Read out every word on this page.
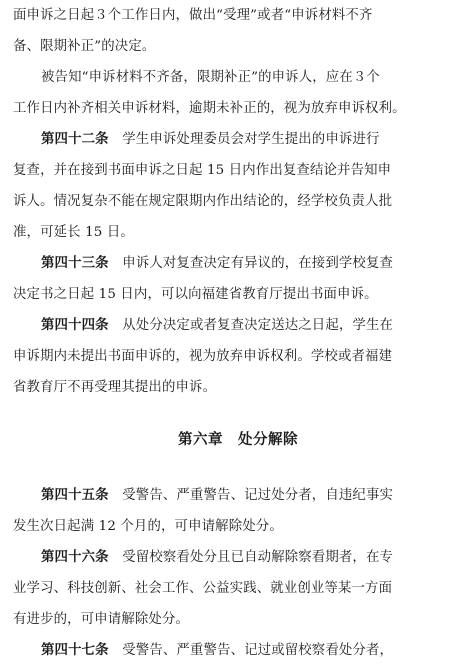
面申诉之日起３个工作日内，做出“受理”或者“申诉材料不齐
备、限期补正”的决定。
被告知“申诉材料不齐备，限期补正”的申诉人，应在３个
工作日内补齐相关申诉材料，逾期未补正的，视为放弃申诉权利。
第四十二条　学生申诉处理委员会对学生提出的申诉进行
复查，并在接到书面申诉之日起 15 日内作出复查结论并告知申
诉人。情况复杂不能在规定限期内作出结论的，经学校负责人批
准，可延长 15 日。
第四十三条　申诉人对复查决定有异议的，在接到学校复查
决定书之日起 15 日内，可以向福建省教育厅提出书面申诉。
第四十四条　从处分决定或者复查决定送达之日起，学生在
申诉期内未提出书面申诉的，视为放弃申诉权利。学校或者福建
省教育厅不再受理其提出的申诉。
第六章　处分解除
第四十五条　受警告、严重警告、记过处分者，自违纪事实
发生次日起满 12 个月的，可申请解除处分。
第四十六条　受留校察看处分且已自动解除察看期者，在专
业学习、科技创新、社会工作、公益实践、就业创业等某一方面
有进步的，可申请解除处分。
第四十七条　受警告、严重警告、记过或留校察看处分者，
